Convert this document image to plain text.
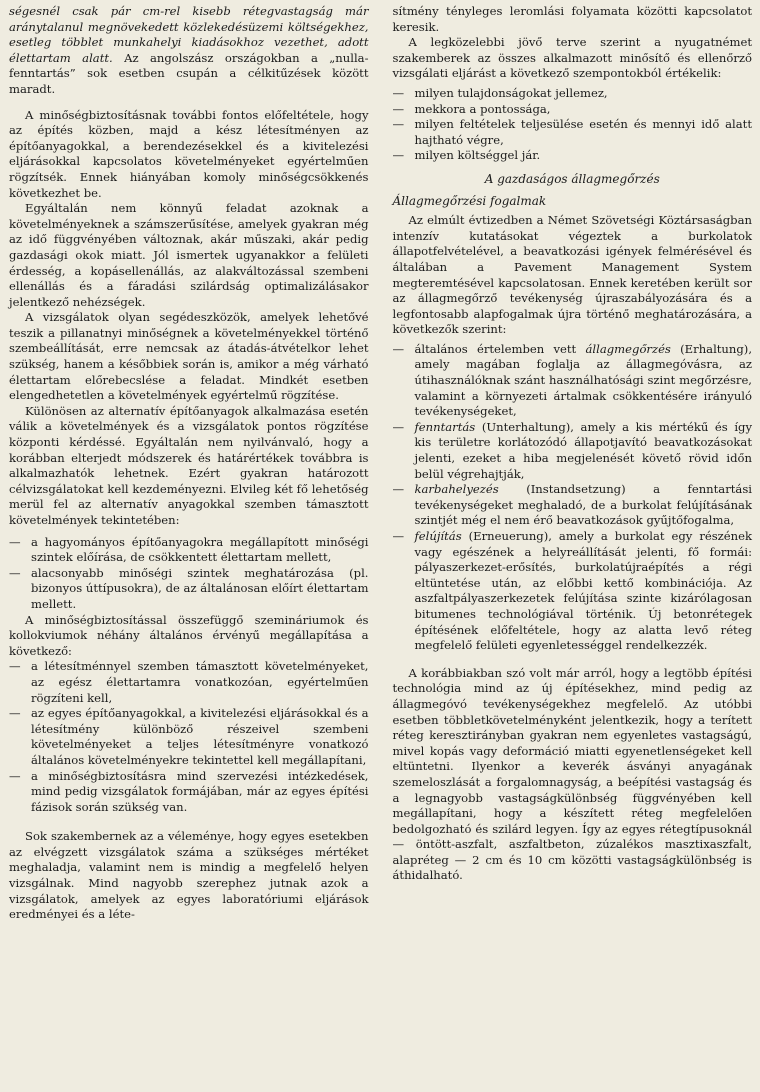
ségesnél csak pár cm-rel kisebb rétegvastagság már aránytalanul megnövekedett közlekedésüzemi költségekhez, esetleg többlet munkahelyi kiadásokhoz vezethet, adott élettartam alatt. Az angolszász országokban a „nulla-fenntartás” sok esetben csupán a célkitűzések között maradt.

A minőségbiztosításnak további fontos előfeltétele, hogy az építés közben, majd a kész létesítményen az építőanyagokkal, a berendezésekkel és a kivitelezési eljárásokkal kapcsolatos követelményeket egyértelműen rögzítsék. Ennek hiányában komoly minőségcsökkenés következhet be.

Egyáltalán nem könnyű feladat azoknak a követelményeknek a számszerűsítése, amelyek gyakran még az idő függvényében változnak, akár műszaki, akár pedig gazdasági okok miatt. Jól ismertek ugyanakkor a felületi érdesség, a kopásellenállás, az alakváltozással szembeni ellenállás és a fáradási szilárdság optimalizálásakor jelentkező nehézségek.

A vizsgálatok olyan segédeszközök, amelyek lehetővé teszik a pillanatnyi minőségnek a követelményekkel történő szembeállítását, erre nemcsak az átadás-átvételkor lehet szükség, hanem a későbbiek során is, amikor a még várható élettartam előrebecslése a feladat. Mindkét esetben elengedhetetlen a követelmények egyértelmű rögzítése.

Különösen az alternatív építőanyagok alkalmazása esetén válik a követelmények és a vizsgálatok pontos rögzítése központi kérdéssé. Egyáltalán nem nyilvánvaló, hogy a korábban elterjedt módszerek és határértékek továbbra is alkalmazhatók lehetnek. Ezért gyakran határozott célvizsgálatokat kell kezdeményezni. Elvileg két fő lehetőség merül fel az alternatív anyagokkal szemben támasztott követelmények tekintetében:

— a hagyományos építőanyagokra megállapított minőségi szintek előírása, de csökkentett élettartam mellett,
— alacsonyabb minőségi szintek meghatározása (pl. bizonyos úttípusokra), de az általánosan előírt élettartam mellett.

A minőségbiztosítással összefüggő szemináriumok és kollokviumok néhány általános érvényű megállapítása a következő:

— a létesítménnyel szemben támasztott követelményeket, az egész élettartamra vonatkozóan, egyértelműen rögzíteni kell,
— az egyes építőanyagokkal, a kivitelezési eljárásokkal és a létesítmény különböző részeivel szembeni követelményeket a teljes létesítményre vonatkozó általános követelményekre tekintettel kell megállapítani,
— a minőségbiztosításra mind szervezési intézkedések, mind pedig vizsgálatok formájában, már az egyes építési fázisok során szükség van.

Sok szakembernek az a véleménye, hogy egyes esetekben az elvégzett vizsgálatok száma a szükséges mértéket meghaladja, valamint nem is mindig a megfelelő helyen vizsgálnak. Mind nagyobb szerephez jutnak azok a vizsgálatok, amelyek az egyes laboratóriumi eljárások eredményei és a léte-

sítmény tényleges leromlási folyamata közötti kapcsolatot keresik.

A legközelebbi jövő terve szerint a nyugatnémet szakemberek az összes alkalmazott minősítő és ellenőrző vizsgálati eljárást a következő szempontokból értékelik:

— milyen tulajdonságokat jellemez,
— mekkora a pontossága,
— milyen feltételek teljesülése esetén és mennyi idő alatt hajtható végre,
— milyen költséggel jár.
A gazdaságos állagmegőrzés
Állagmegőrzési fogalmak

Az elmúlt évtizedben a Német Szövetségi Köztársaságban intenzív kutatásokat végeztek a burkolatok állapotfelvételével, a beavatkozási igények felmérésével és általában a Pavement Management System megteremtésével kapcsolatosan. Ennek keretében került sor az állagmegőrző tevékenység újraszabályozására és a legfontosabb alapfogalmak újra történő meghatározására, a következők szerint:

— általános értelemben vett állagmegőrzés (Erhaltung), amely magában foglalja az állagmegóvásra, az útihasználóknak szánt használhatósági szint megőrzésre, valamint a környezeti ártalmak csökkentésére irányuló tevékenységeket,
— fenntartás (Unterhaltung), amely a kis mértékű és így kis területre korlátozódó állapotjavító beavatkozásokat jelenti, ezeket a hiba megjelenését követő rövid időn belül végrehajtják,
— karbahelyezés (Instandsetzung) a fenntartási tevékenységeket meghaladó, de a burkolat felújításának szintjét még el nem érő beavatkozások gyűjtőfogalma,
— felújítás (Erneuerung), amely a burkolat egy részének vagy egészének a helyreállítását jelenti, fő formái: pályaszerkezet-erősítés, burkolatújraépítés a régi eltüntetése után, az előbbi kettő kombinációja. Az aszfaltpályaszerkezetek felújítása szinte kizárólagosan bitumenes technológiával történik. Új betonrétegek építésének előfeltétele, hogy az alatta levő réteg megfelelő felületi egyenletességgel rendelkezzék.

A korábbiakban szó volt már arról, hogy a legtöbb építési technológia mind az új építésekhez, mind pedig az állagmegóvó tevékenységekhez megfelelő. Az utóbbi esetben többletkövetelményként jelentkezik, hogy a terített réteg keresztirányban gyakran nem egyenletes vastagságú, mivel kopás vagy deformáció miatti egyenetlenségeket kell eltüntetni. Ilyenkor a keverék ásványi anyagának szemeloszlását a forgalomnagyság, a beépítési vastagság és a legnagyobb vastagságkülönbség függvényében kell megállapítani, hogy a készített réteg megfelelően bedolgozható és szilárd legyen. Így az egyes rétegtípusoknál — öntött-aszfalt, aszfaltbeton, zúzalékos masztixaszfalt, alapréteg — 2 cm és 10 cm közötti vastagságkülönbség is áthidalható.
